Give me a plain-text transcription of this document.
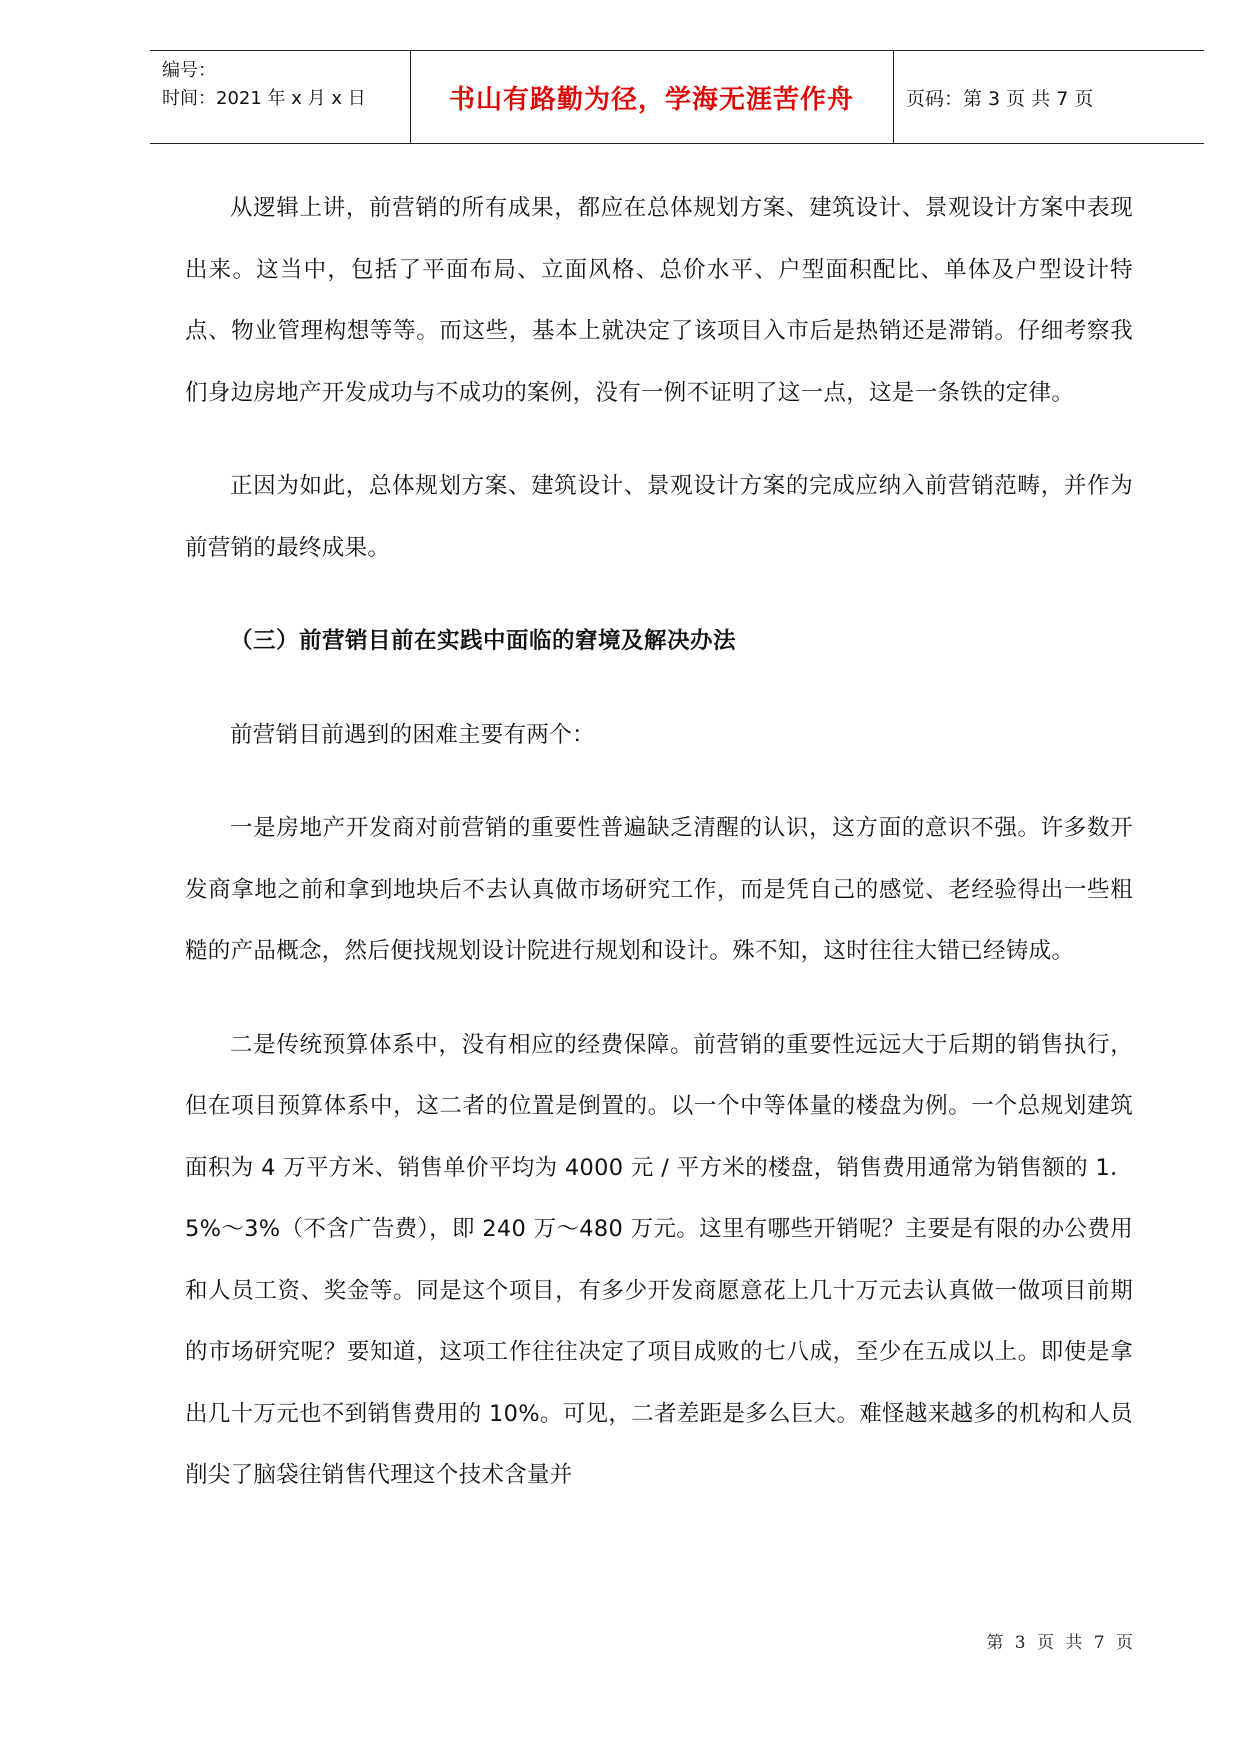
编号：
时间：2021 年 x 月 x 日	书山有路勤为径，学海无涯苦作舟	页码：第 3 页 共 7 页

从逻辑上讲，前营销的所有成果，都应在总体规划方案、建筑设计、景观设计方案中表现出来。这当中，包括了平面布局、立面风格、总价水平、户型面积配比、单体及户型设计特点、物业管理构想等等。而这些，基本上就决定了该项目入市后是热销还是滞销。仔细考察我们身边房地产开发成功与不成功的案例，没有一例不证明了这一点，这是一条铁的定律。

正因为如此，总体规划方案、建筑设计、景观设计方案的完成应纳入前营销范畴，并作为前营销的最终成果。

（三）前营销目前在实践中面临的窘境及解决办法

前营销目前遇到的困难主要有两个：

一是房地产开发商对前营销的重要性普遍缺乏清醒的认识，这方面的意识不强。许多数开发商拿地之前和拿到地块后不去认真做市场研究工作，而是凭自己的感觉、老经验得出一些粗糙的产品概念，然后便找规划设计院进行规划和设计。殊不知，这时往往大错已经铸成。

二是传统预算体系中，没有相应的经费保障。前营销的重要性远远大于后期的销售执行，但在项目预算体系中，这二者的位置是倒置的。以一个中等体量的楼盘为例。一个总规划建筑面积为 4 万平方米、销售单价平均为 4000 元 / 平方米的楼盘，销售费用通常为销售额的 1．5%～3%（不含广告费），即 240 万～480 万元。这里有哪些开销呢？主要是有限的办公费用和人员工资、奖金等。同是这个项目，有多少开发商愿意花上几十万元去认真做一做项目前期的市场研究呢？要知道，这项工作往往决定了项目成败的七八成，至少在五成以上。即使是拿出几十万元也不到销售费用的 10%。可见，二者差距是多么巨大。难怪越来越多的机构和人员削尖了脑袋往销售代理这个技术含量并

第 3 页 共 7 页
